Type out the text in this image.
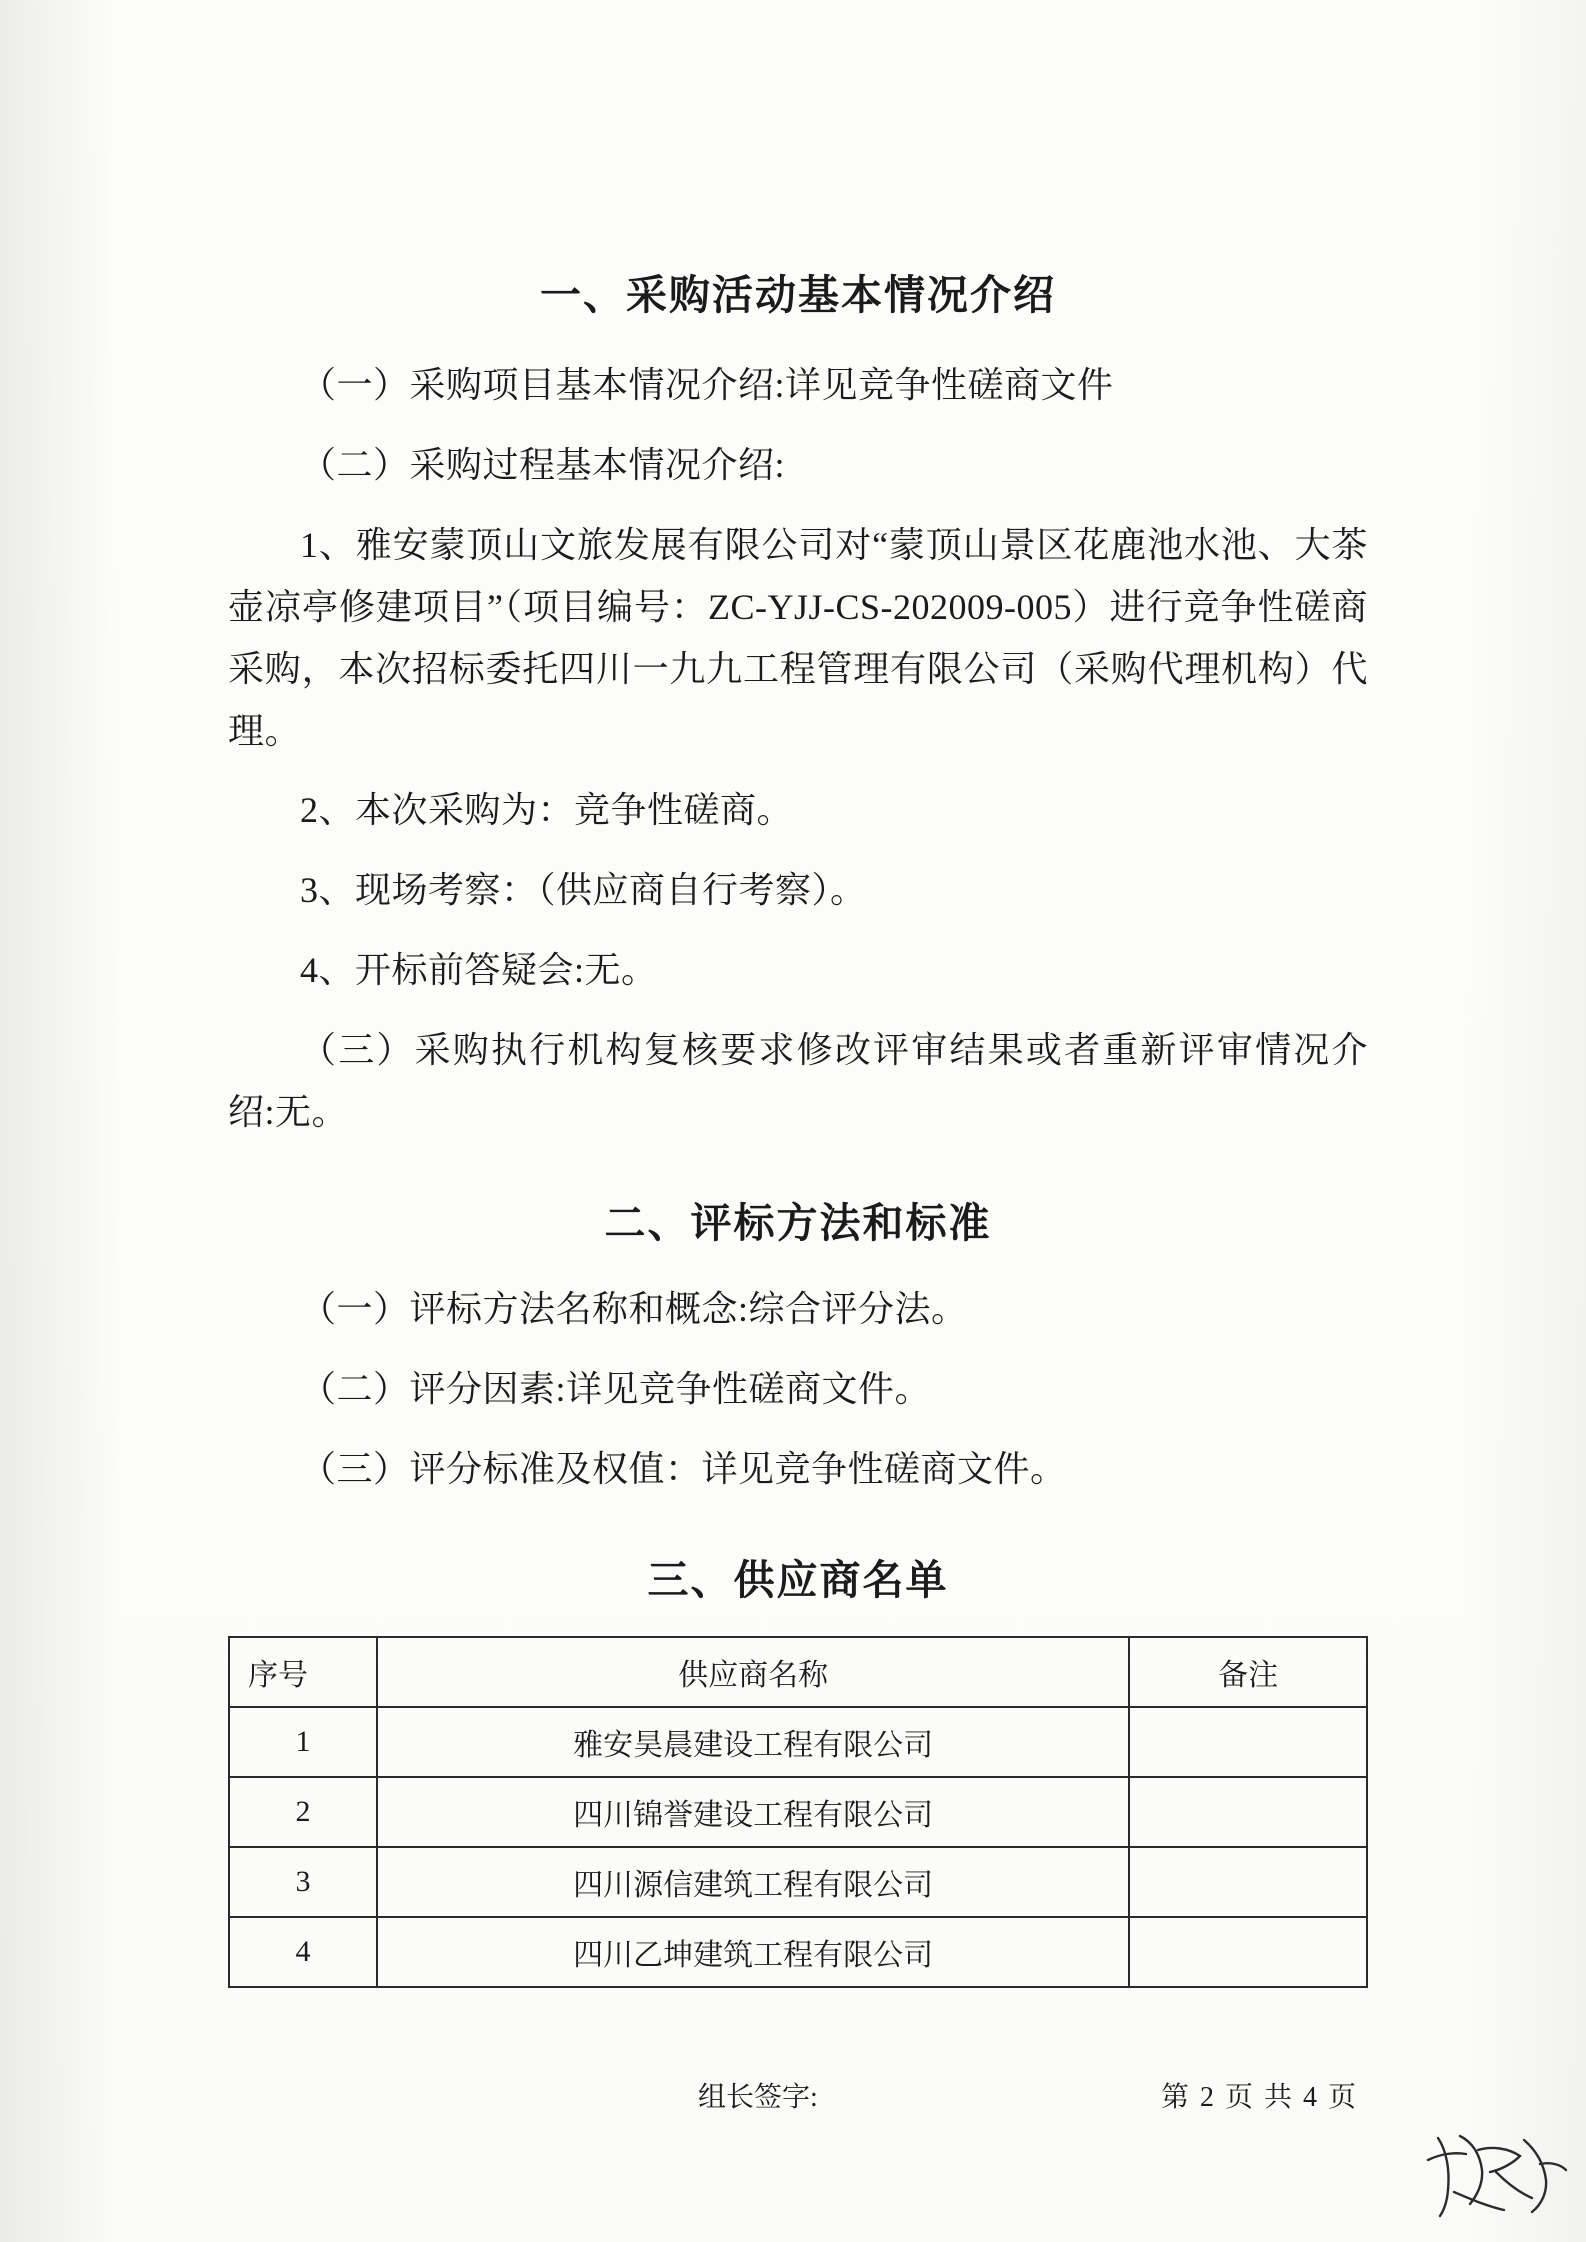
一、采购活动基本情况介绍

（一）采购项目基本情况介绍:详见竞争性磋商文件

（二）采购过程基本情况介绍:

1、雅安蒙顶山文旅发展有限公司对“蒙顶山景区花鹿池水池、大茶壶凉亭修建项目”（项目编号：ZC-YJJ-CS-202009-005）进行竞争性磋商采购，本次招标委托四川一九九工程管理有限公司（采购代理机构）代理。

2、本次采购为：竞争性磋商。

3、现场考察：（供应商自行考察）。

4、开标前答疑会:无。

（三）采购执行机构复核要求修改评审结果或者重新评审情况介绍:无。

二、评标方法和标准

（一）评标方法名称和概念:综合评分法。

（二）评分因素:详见竞争性磋商文件。

（三）评分标准及权值：详见竞争性磋商文件。

三、供应商名单
序号	供应商名称	备注
1	雅安昊晨建设工程有限公司	
2	四川锦誉建设工程有限公司	
3	四川源信建筑工程有限公司	
4	四川乙坤建筑工程有限公司	
组长签字:	第 2 页 共 4 页
